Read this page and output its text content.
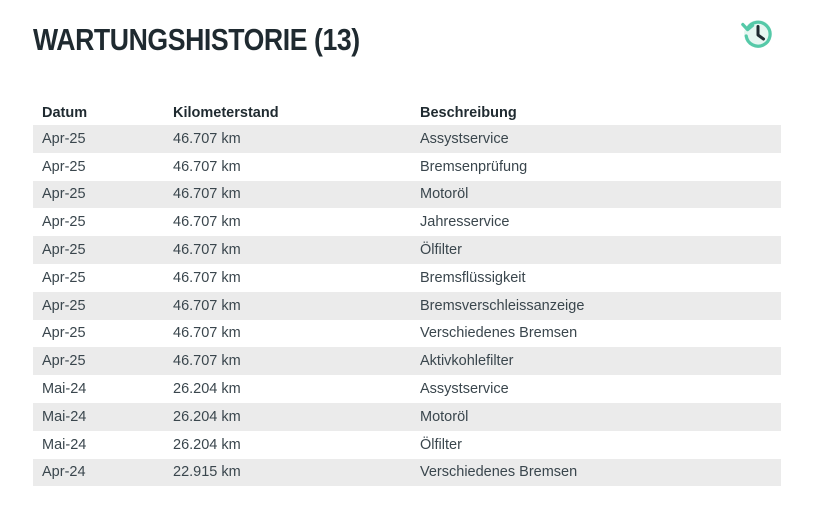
WARTUNGSHISTORIE (13)
Datum	Kilometerstand	Beschreibung
Apr-25	46.707 km	Assystservice
Apr-25	46.707 km	Bremsenprüfung
Apr-25	46.707 km	Motoröl
Apr-25	46.707 km	Jahresservice
Apr-25	46.707 km	Ölfilter
Apr-25	46.707 km	Bremsflüssigkeit
Apr-25	46.707 km	Bremsverschleissanzeige
Apr-25	46.707 km	Verschiedenes Bremsen
Apr-25	46.707 km	Aktivkohlefilter
Mai-24	26.204 km	Assystservice
Mai-24	26.204 km	Motoröl
Mai-24	26.204 km	Ölfilter
Apr-24	22.915 km	Verschiedenes Bremsen
